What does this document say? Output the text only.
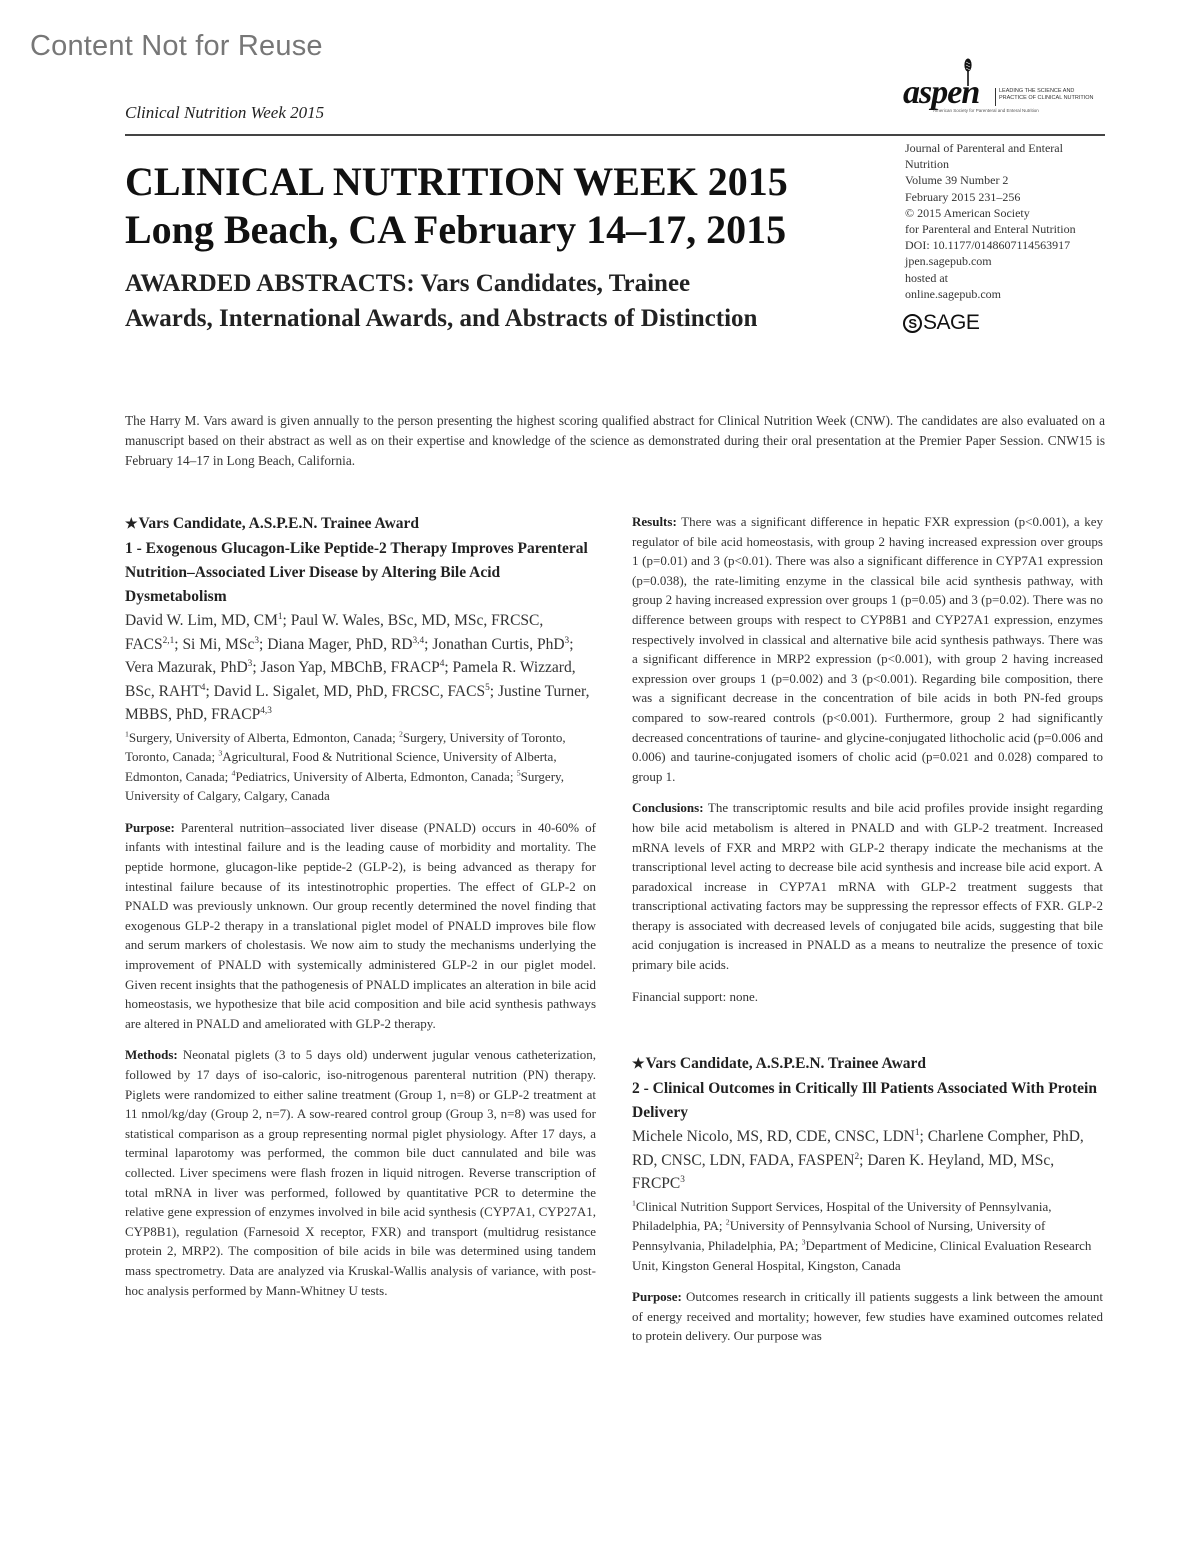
Content Not for Reuse
Clinical Nutrition Week 2015
aspen	LEADING THE SCIENCE AND
PRACTICE OF CLINICAL NUTRITION
American Society for Parenteral and Enteral Nutrition
Journal of Parenteral and Enteral
Nutrition
Volume 39 Number 2
February 2015 231–256
© 2015 American Society
for Parenteral and Enteral Nutrition
DOI: 10.1177/0148607114563917
jpen.sagepub.com
hosted at
online.sagepub.com
S SAGE
CLINICAL NUTRITION WEEK 2015
Long Beach, CA February 14–17, 2015
AWARDED ABSTRACTS: Vars Candidates, Trainee
Awards, International Awards, and Abstracts of Distinction
The Harry M. Vars award is given annually to the person presenting the highest scoring qualified abstract for Clinical Nutrition Week (CNW). The candidates are also evaluated on a manuscript based on their abstract as well as on their expertise and knowledge of the science as demonstrated during their oral presentation at the Premier Paper Session. CNW15 is February 14–17 in Long Beach, California.
★Vars Candidate, A.S.P.E.N. Trainee Award
1 - Exogenous Glucagon-Like Peptide-2 Therapy Improves Parenteral Nutrition–Associated Liver Disease by Altering Bile Acid Dysmetabolism
David W. Lim, MD, $CM^1$; Paul W. Wales, BSc, MD, MSc, FRCSC, FACS$^{2,1}$; Si Mi, MSc$^3$; Diana Mager, PhD, RD$^{3,4}$; Jonathan Curtis, PhD$^3$; Vera Mazurak, PhD$^3$; Jason Yap, MBChB, FRACP$^4$; Pamela R. Wizzard, BSc, RAHT$^4$; David L. Sigalet, MD, PhD, FRCSC, FACS$^5$; Justine Turner, MBBS, PhD, FRACP$^{4,3}$
$^1$Surgery, University of Alberta, Edmonton, Canada; $^2$Surgery, University of Toronto, Toronto, Canada; $^3$Agricultural, Food & Nutritional Science, University of Alberta, Edmonton, Canada; $^4$Pediatrics, University of Alberta, Edmonton, Canada; $^5$Surgery, University of Calgary, Calgary, Canada
Purpose: Parenteral nutrition–associated liver disease (PNALD) occurs in 40-60% of infants with intestinal failure and is the leading cause of morbidity and mortality. The peptide hormone, glucagon-like peptide-2 (GLP-2), is being advanced as therapy for intestinal failure because of its intestinotrophic properties. The effect of GLP-2 on PNALD was previously unknown. Our group recently determined the novel finding that exogenous GLP-2 therapy in a translational piglet model of PNALD improves bile flow and serum markers of cholestasis. We now aim to study the mechanisms underlying the improvement of PNALD with systemically administered GLP-2 in our piglet model. Given recent insights that the pathogenesis of PNALD implicates an alteration in bile acid homeostasis, we hypothesize that bile acid composition and bile acid synthesis pathways are altered in PNALD and ameliorated with GLP-2 therapy.
Methods: Neonatal piglets (3 to 5 days old) underwent jugular venous catheterization, followed by 17 days of iso-caloric, iso-nitrogenous parenteral nutrition (PN) therapy. Piglets were randomized to either saline treatment (Group 1, n=8) or GLP-2 treatment at 11 nmol/kg/day (Group 2, n=7). A sow-reared control group (Group 3, n=8) was used for statistical comparison as a group representing normal piglet physiology. After 17 days, a terminal laparotomy was performed, the common bile duct cannulated and bile was collected. Liver specimens were flash frozen in liquid nitrogen. Reverse transcription of total mRNA in liver was performed, followed by quantitative PCR to determine the relative gene expression of enzymes involved in bile acid synthesis (CYP7A1, CYP27A1, CYP8B1), regulation (Farnesoid X receptor, FXR) and transport (multidrug resistance protein 2, MRP2). The composition of bile acids in bile was determined using tandem mass spectrometry. Data are analyzed via Kruskal-Wallis analysis of variance, with post-hoc analysis performed by Mann-Whitney U tests.
Results: There was a significant difference in hepatic FXR expression (p<0.001), a key regulator of bile acid homeostasis, with group 2 having increased expression over groups 1 (p=0.01) and 3 (p<0.01). There was also a significant difference in CYP7A1 expression (p=0.038), the rate-limiting enzyme in the classical bile acid synthesis pathway, with group 2 having increased expression over groups 1 (p=0.05) and 3 (p=0.02). There was no difference between groups with respect to CYP8B1 and CYP27A1 expression, enzymes respectively involved in classical and alternative bile acid synthesis pathways. There was a significant difference in MRP2 expression (p<0.001), with group 2 having increased expression over groups 1 (p=0.002) and 3 (p<0.001). Regarding bile composition, there was a significant decrease in the concentration of bile acids in both PN-fed groups compared to sow-reared controls (p<0.001). Furthermore, group 2 had significantly decreased concentrations of taurine- and glycine-conjugated lithocholic acid (p=0.006 and 0.006) and taurine-conjugated isomers of cholic acid (p=0.021 and 0.028) compared to group 1.
Conclusions: The transcriptomic results and bile acid profiles provide insight regarding how bile acid metabolism is altered in PNALD and with GLP-2 treatment. Increased mRNA levels of FXR and MRP2 with GLP-2 therapy indicate the mechanisms at the transcriptional level acting to decrease bile acid synthesis and increase bile acid export. A paradoxical increase in CYP7A1 mRNA with GLP-2 treatment suggests that transcriptional activating factors may be suppressing the repressor effects of FXR. GLP-2 therapy is associated with decreased levels of conjugated bile acids, suggesting that bile acid conjugation is increased in PNALD as a means to neutralize the presence of toxic primary bile acids.
Financial support: none.
★Vars Candidate, A.S.P.E.N. Trainee Award
2 - Clinical Outcomes in Critically Ill Patients Associated With Protein Delivery
Michele Nicolo, MS, RD, CDE, CNSC, LDN$^1$; Charlene Compher, PhD, RD, CNSC, LDN, FADA, FASPEN$^2$; Daren K. Heyland, MD, MSc, FRCPC$^3$
$^1$Clinical Nutrition Support Services, Hospital of the University of Pennsylvania, Philadelphia, PA; $^2$University of Pennsylvania School of Nursing, University of Pennsylvania, Philadelphia, PA; $^3$Department of Medicine, Clinical Evaluation Research Unit, Kingston General Hospital, Kingston, Canada
Purpose: Outcomes research in critically ill patients suggests a link between the amount of energy received and mortality; however, few studies have examined outcomes related to protein delivery. Our purpose was
